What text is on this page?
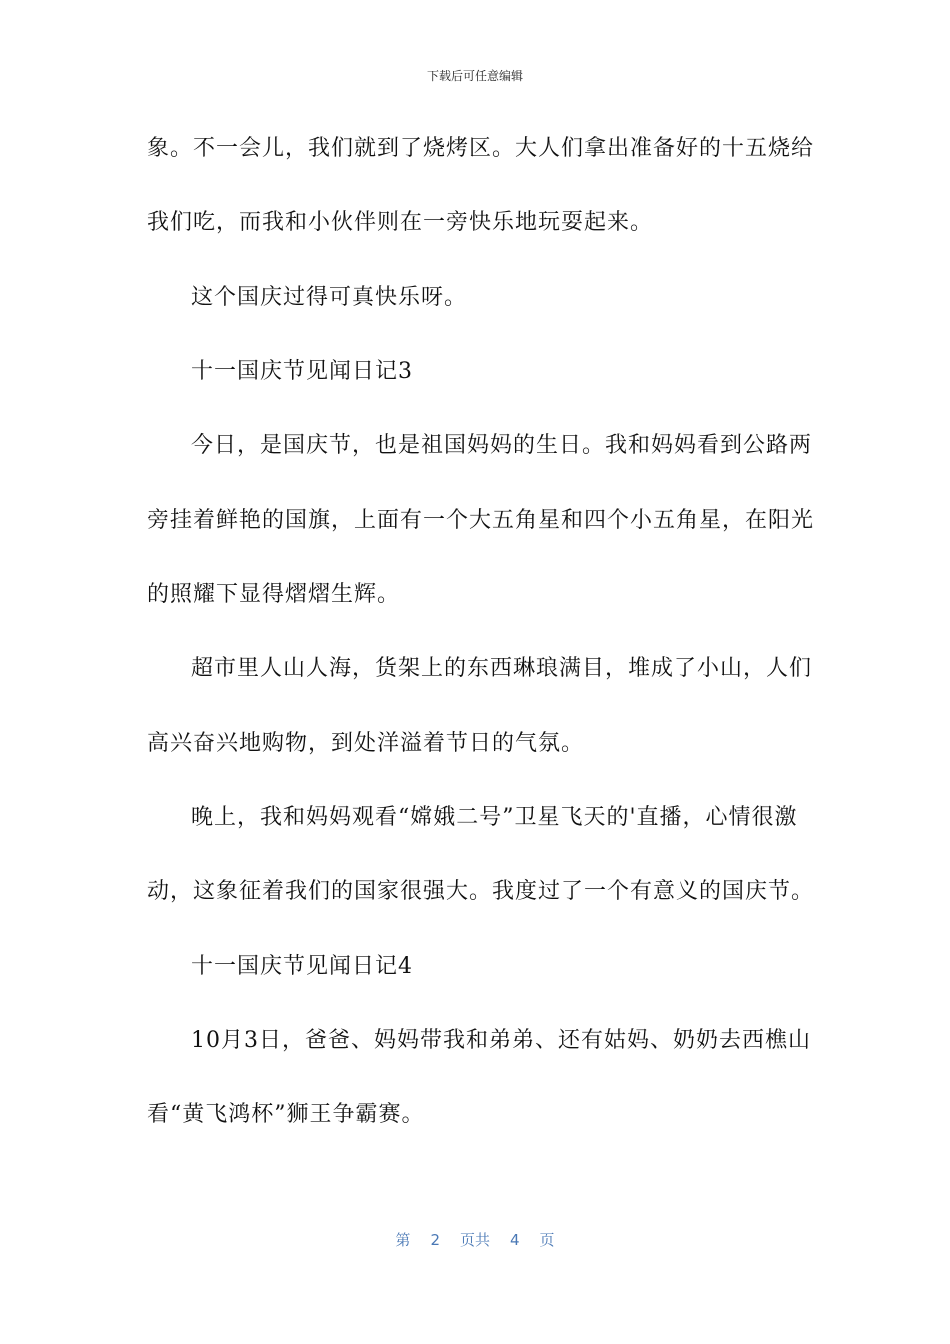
下载后可任意编辑
象。不一会儿，我们就到了烧烤区。大人们拿出准备好的十五烧给
我们吃，而我和小伙伴则在一旁快乐地玩耍起来。
这个国庆过得可真快乐呀。
十一国庆节见闻日记3
今日，是国庆节，也是祖国妈妈的生日。我和妈妈看到公路两
旁挂着鲜艳的国旗，上面有一个大五角星和四个小五角星，在阳光
的照耀下显得熠熠生辉。
超市里人山人海，货架上的东西琳琅满目，堆成了小山，人们
高兴奋兴地购物，到处洋溢着节日的气氛。
晚上，我和妈妈观看“嫦娥二号”卫星飞天的'直播，心情很激
动，这象征着我们的国家很强大。我度过了一个有意义的国庆节。
十一国庆节见闻日记4
10月3日，爸爸、妈妈带我和弟弟、还有姑妈、奶奶去西樵山
看“黄飞鸿杯”狮王争霸赛。
第 2 页共 4 页
